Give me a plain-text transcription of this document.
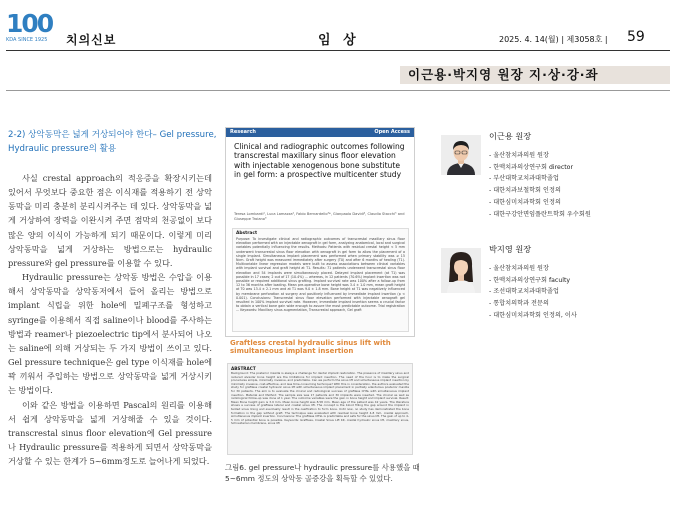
100
KDA SINCE 1925 치의신보	임 상	2025. 4. 14(월) | 제3058호 | 59
이근용·박지영 원장 지·상·강·좌
2-2) 상악동막은 넓게 거상되어야 한다– Gel pressure, Hydraulic pressure의 활용

사실 crestal approach의 적응증을 확장시키는데 있어서 무엇보다 중요한 점은 이식재를 적용하기 전 상악동막을 미리 충분히 분리시켜주는 데 있다. 상악동막을 넓게 거상하여 장력을 이완시켜 주면 점막의 천공없이 보다 많은 양의 이식이 가능하게 되기 때문이다. 이렇게 미리 상악동막을 넓게 거상하는 방법으로는 hydraulic pressure와 gel pressure를 이용할 수 있다.

Hydraulic pressure는 상악동 방법은 수압을 이용해서 상악동막을 상악동저에서 들어 올리는 방법으로 implant 식립을 위한 hole에 밀폐구조를 형성하고 syringe를 이용해서 직접 saline이나 blood를 주사하는 방법과 reamer나 piezoelectric tip에서 분사되어 나오는 saline에 의해 거상되는 두 가지 방법이 쓰이고 있다. Gel pressure technique은 gel type 이식재를 hole에 꽉 끼워서 주입하는 방법으로 상악동막을 넓게 거상시키는 방법이다.

이와 같은 방법을 이용하면 Pascal의 원리를 이용해서 쉽게 상악동막을 넓게 거상해줄 수 있을 것이다. transcrestal sinus floor elevation에 Gel pressure나 Hydraulic pressure를 적용하게 되면서 상악동막을 거상할 수 있는 한계가 5~6mm정도로 늘어나게 되었다.

Research	Open Access
Clinical and radiographic outcomes following transcrestal maxillary sinus floor elevation with injectable xenogenous bone substitute in gel form: a prospective multicenter study
Teresa Lombardi¹, Luca Lamazza², Fabio Bernardello³*, Gianpaolo Davidi⁴, Claudio Stacchi⁵ and Giuseppe Troiano⁶
Abstract
Purpose: To investigate clinical and radiographic outcomes of transcrestal maxillary sinus floor elevation performed with an injectable xenograft in gel form, analyzing anatomical, local and surgical variables potentially influencing the results. Methods: Patients with residual crestal height < 5 mm underwent transcrestal sinus floor elevation with xenograft in gel form to allow the placement of a single implant. Simultaneous implant placement was performed when primary stability was ≥ 15 Ncm. Graft height was measured immediately after surgery (T0) and after 6 months of healing (T1). Multivariable linear regression models were built to assess associations between clinical variables with implant survival and graft height at T1. Results: 71 patients underwent transcrestal sinus floor elevation and 54 implants were simultaneously placed. Delayed implant placement (at T1) was possible in 17 cases; 2 out of 17 (10.4%) ... whereas, in 12 patients (70.6%) implant insertion was not possible or required additional sinus grafting. Implant survival rate was 100% after a follow-up from 12 to 36 months after loading. Mean pre-operative bone height was 3.4 ± 1.0 mm, mean graft height at T0 was 13.4 ± 2.1 mm and at T1 was 9.0 ± 1.8 mm. Bone height at T1 was negatively influenced by membrane perforation at surgery and positively influenced by immediate implant insertion (p < 0.001). Conclusions: Transcrestal sinus floor elevation performed with injectable xenograft gel resulted in 100% implant survival rate. However, immediate implant insertion seems a crucial factor to obtain a vertical bone gain wide enough to assure the most predictable outcome. Trial registration ... Keywords: Maxillary sinus augmentation, Transcrestal approach, Gel graft
Graftless crestal hydraulic sinus lift with simultaneous implant insertion
ABSTRACT
Background: The posterior maxilla is always a challenge for dental implant restoration. The presence of maxillary sinus and reduced alveolar bone height are the limitations for implant insertion. The need of the hour is to make the surgical procedures simple, minimally invasive, and predictable. Can we perform the sinus lift and simultaneous implant insertion by minimally invasive, cost-effective, and less time-consuming technique? With this in consideration, the authors evaluated the study for graftless crestal hydraulic sinus lift with simultaneous implant placement in partially edentulous posterior maxilla for 30 patients. The aim is to evaluate the clinical and radiological success of graftless CHSL with simultaneous implant insertion. Material and Method: The sample size was 17 patients and 30 implants were inserted. The clinical as well as radiological follow-up was done at 1 year. The outcome variables were the gain in bone height and implant survival. Result: Mean Bone height gain is 3.9 mm. Mean bone height was 8.58 mm. Mean age of the patient was 42 years. The literature shows a success of graftless lateral and crestal sinus lift. The concept is the blood filling the gap around the implant in tented sinus lining and eventually result in the ossification to form bone. Until now, no study has demonstrated the bone formation in the gap without graft. The technique was evaluated with residual bone height 4-8 mm, crestal approach, simultaneous implant insertion. Conclusions: The graftless CHSL is predictable and safe for the sinus lift. The gain of up to 4-5 mm of potential bone is possible. Keywords: Graftless, Crestal Sinus Lift Kit, crestal hydraulic sinus lift, maxillary sinus, Schneiderian membrane, sinus lift
그림6. gel pressure나 hydraulic pressure를 사용했을 때 5~6mm 정도의 상악동 골증강을 획득할 수 있었다.
이근용 원장
- 울산참치과의원 원장
- 한맥치과의상연구회 director
- 부산대학교치과대학졸업
- 대한치과보철학회 인정의
- 대한심미치과학회 인정의
- 대한구강안면임플란트학회 우수회원
박지영 원장
- 울산참치과의원 원장
- 한맥치과의상연구회 faculty
- 조선대학교치과대학졸업
- 통합치의학과 전문의
- 대한심미치과학회 인정의, 이사
